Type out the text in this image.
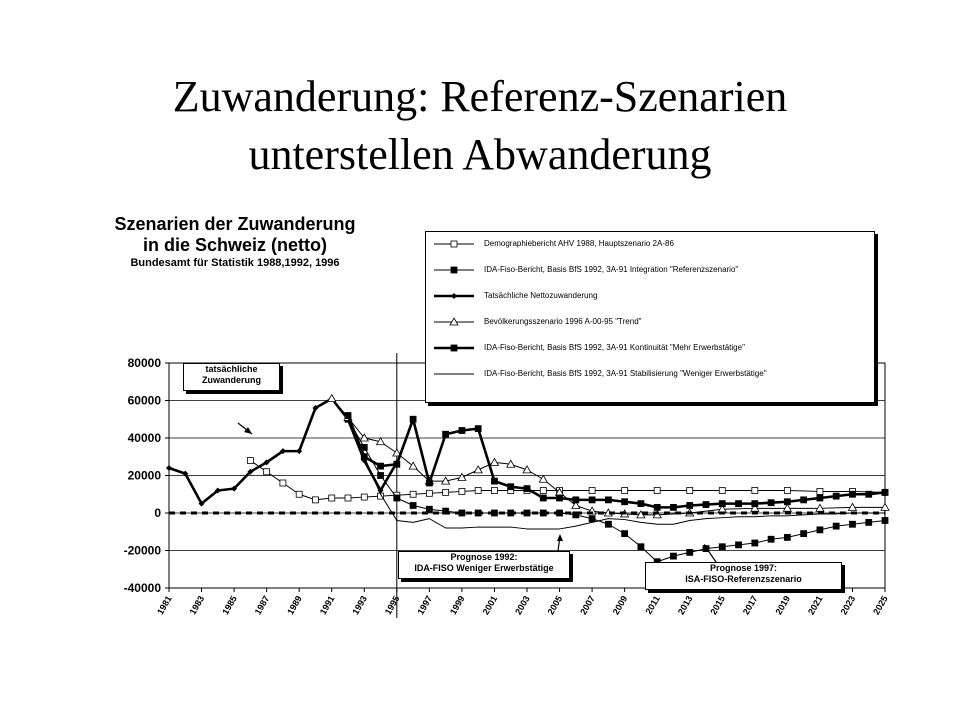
Zuwanderung: Referenz-Szenarien
unterstellen Abwanderung
Szenarien der Zuwanderung
in die Schweiz (netto)
Bundesamt für Statistik 1988,1992, 1996
80000
60000
40000
20000
0
-20000
-40000
1981 1983 1985 1987 1989 1991 1993 1995 1997 1999 2001 2003 2005 2007 2009 2011 2013 2015 2017 2019 2021 2023 2025
Demographiebericht AHV 1988, Hauptszenario 2A-86
IDA-Fiso-Bericht, Basis BfS 1992, 3A-91 Integration "Referenzszenario"
Tatsächliche Nettozuwanderung
Bevölkerungsszenario 1996 A-00-95 "Trend"
IDA-Fiso-Bericht, Basis BfS 1992, 3A-91 Kontinuität "Mehr Erwerbstätige"
IDA-Fiso-Bericht, Basis BfS 1992, 3A-91 Stabilisierung "Weniger Erwerbstätige"
tatsächliche
Zuwanderung
Prognose 1992:
IDA-FISO Weniger Erwerbstätige	Prognose 1997:
ISA-FISO-Referenzszenario
